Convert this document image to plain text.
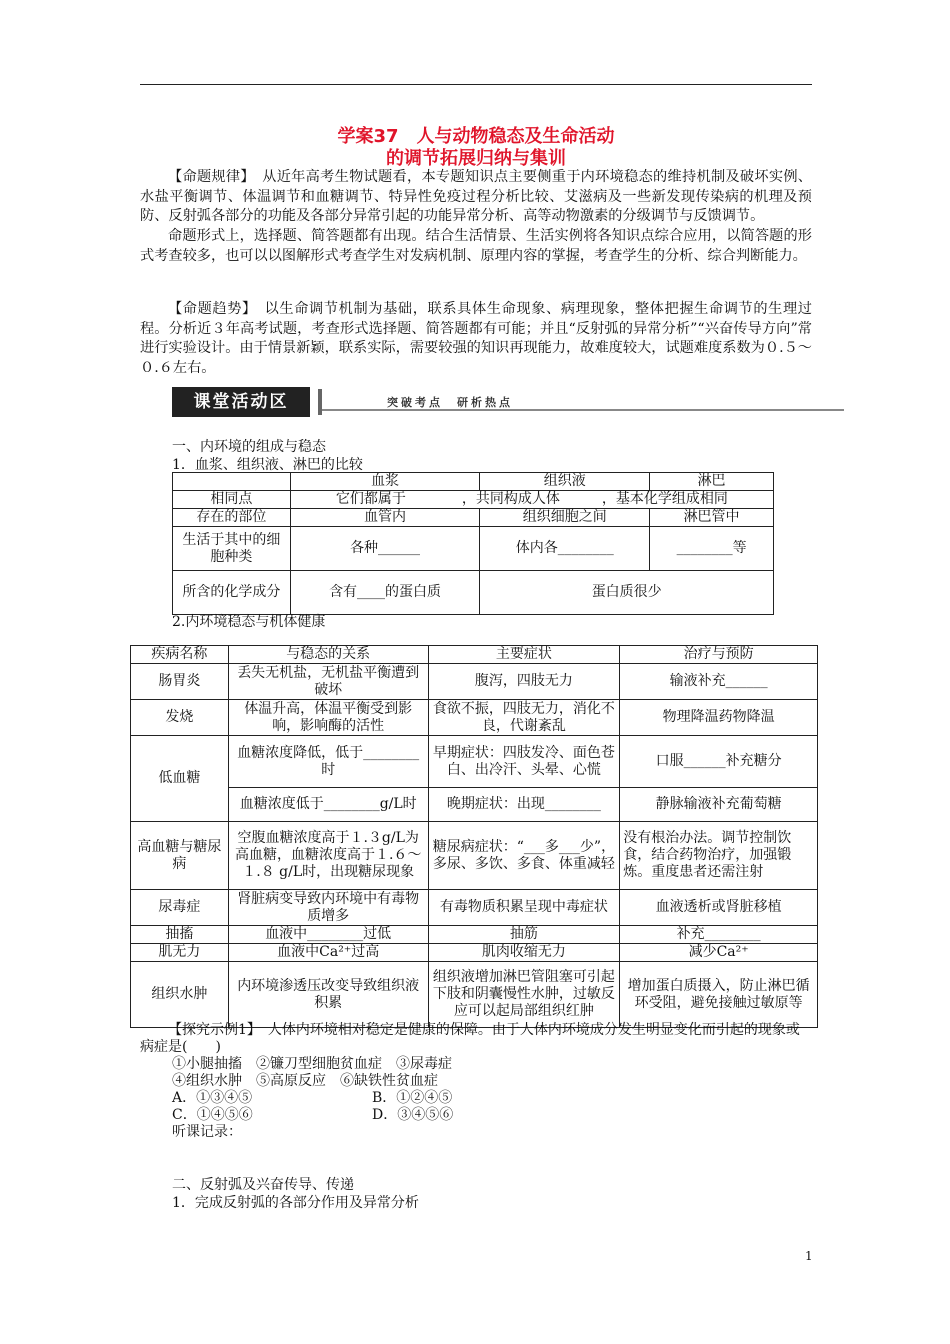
学案37　人与动物稳态及生命活动
的调节拓展归纳与集训
【命题规律】　从近年高考生物试题看，本专题知识点主要侧重于内环境稳态的维持机制及破坏实例、水盐平衡调节、体温调节和血糖调节、特异性免疫过程分析比较、艾滋病及一些新发现传染病的机理及预防、反射弧各部分的功能及各部分异常引起的功能异常分析、高等动物激素的分级调节与反馈调节。
命题形式上，选择题、简答题都有出现。结合生活情景、生活实例将各知识点综合应用，以简答题的形式考查较多，也可以以图解形式考查学生对发病机制、原理内容的掌握，考查学生的分析、综合判断能力。
【命题趋势】　以生命调节机制为基础，联系具体生命现象、病理现象，整体把握生命调节的生理过程。分析近３年高考试题，考查形式选择题、简答题都有可能；并且“反射弧的异常分析”“兴奋传导方向”常进行实验设计。由于情景新颖，联系实际，需要较强的知识再现能力，故难度较大，试题难度系数为０.５～０.６左右。
课堂活动区	突破考点　研析热点
一、内环境的组成与稳态
1．血浆、组织液、淋巴的比较
	血浆	组织液	淋巴
相同点	它们都属于　　　　，共同构成人体　　　，基本化学组成相同		
存在的部位	血管内	组织细胞之间	淋巴管中
生活于其中的细胞种类	各种______	体内各________	________等
所含的化学成分	含有____的蛋白质	蛋白质很少	
2.内环境稳态与机体健康
疾病名称	与稳态的关系	主要症状	治疗与预防
肠胃炎	丢失无机盐，无机盐平衡遭到破坏	腹泻，四肢无力	输液补充______
发烧	体温升高，体温平衡受到影响，影响酶的活性	食欲不振，四肢无力，消化不良，代谢紊乱	物理降温药物降温
低血糖	血糖浓度降低，低于________时	早期症状：四肢发冷、面色苍白、出冷汗、头晕、心慌	口服______补充糖分
	血糖浓度低于________g/L时	晚期症状：出现________	静脉输液补充葡萄糖
高血糖与糖尿病	空腹血糖浓度高于１.３g/L为高血糖，血糖浓度高于１.６～１.８ g/L时，出现糖尿现象	糖尿病症状：“___多___少”，多尿、多饮、多食、体重减轻	没有根治办法。调节控制饮食，结合药物治疗，加强锻炼。重度患者还需注射
尿毒症	肾脏病变导致内环境中有毒物质增多	有毒物质积累呈现中毒症状	血液透析或肾脏移植
抽搐	血液中________过低	抽筋	补充________
肌无力	血液中Ca²⁺过高	肌肉收缩无力	减少Ca²⁺
组织水肿	内环境渗透压改变导致组织液积累	组织液增加淋巴管阻塞可引起下肢和阴囊慢性水肿，过敏反应可以起局部组织红肿	增加蛋白质摄入，防止淋巴循环受阻，避免接触过敏原等
【探究示例1】　人体内环境相对稳定是健康的保障。由于人体内环境成分发生明显变化而引起的现象或病症是(　　)
①小腿抽搐　②镰刀型细胞贫血症　③尿毒症
④组织水肿　⑤高原反应　⑥缺铁性贫血症
A．①③④⑤	B．①②④⑤
C．①④⑤⑥	D．③④⑤⑥
听课记录：
二、反射弧及兴奋传导、传递
1．完成反射弧的各部分作用及异常分析
1
